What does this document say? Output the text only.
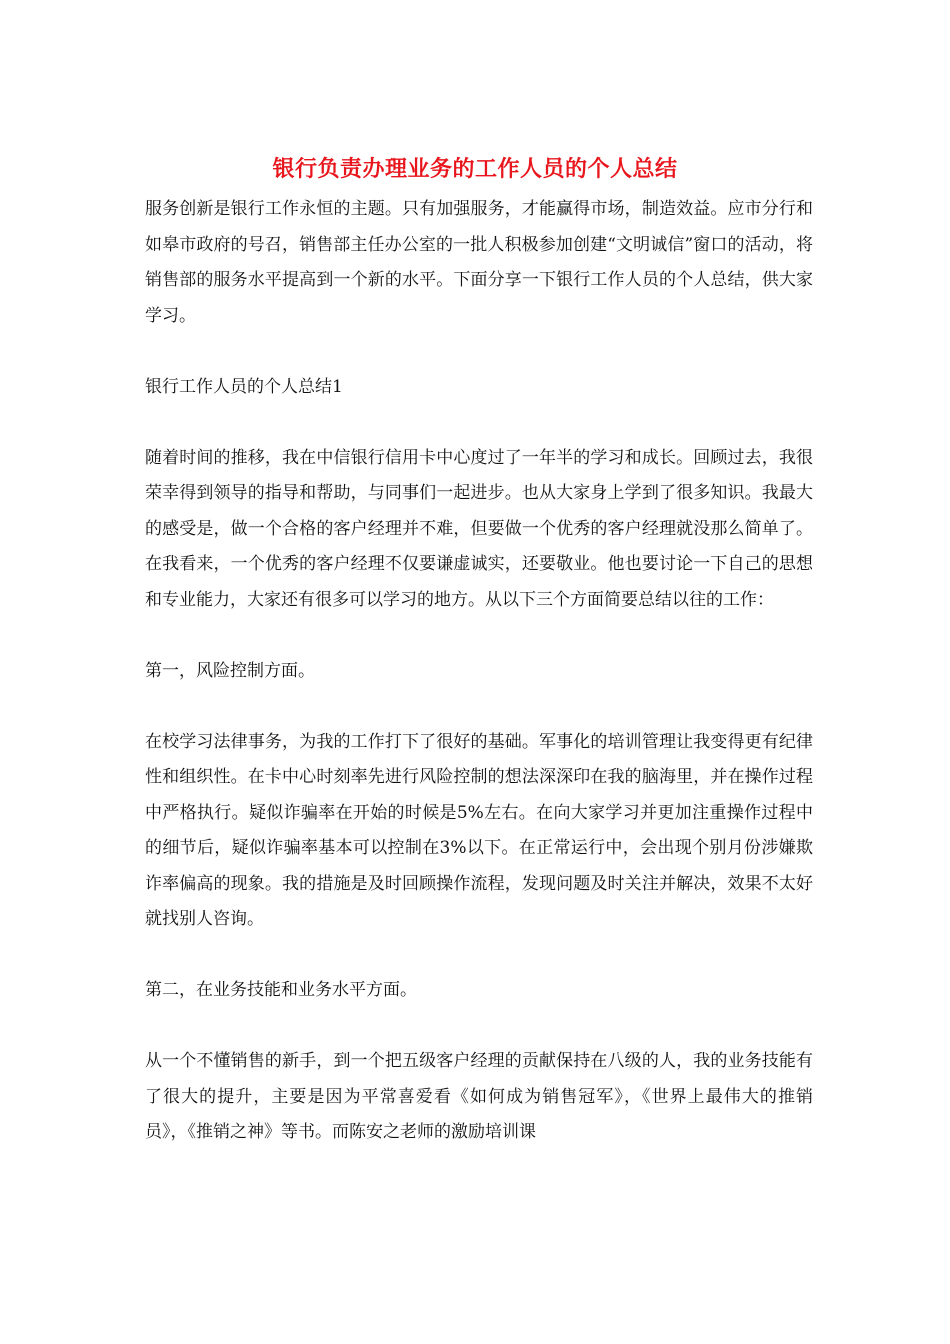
银行负责办理业务的工作人员的个人总结

服务创新是银行工作永恒的主题。只有加强服务，才能赢得市场，制造效益。应市分行和如皋市政府的号召，销售部主任办公室的一批人积极参加创建“文明诚信”窗口的活动，将销售部的服务水平提高到一个新的水平。下面分享一下银行工作人员的个人总结，供大家学习。

银行工作人员的个人总结1

随着时间的推移，我在中信银行信用卡中心度过了一年半的学习和成长。回顾过去，我很荣幸得到领导的指导和帮助，与同事们一起进步。也从大家身上学到了很多知识。我最大的感受是，做一个合格的客户经理并不难，但要做一个优秀的客户经理就没那么简单了。在我看来，一个优秀的客户经理不仅要谦虚诚实，还要敬业。他也要讨论一下自己的思想和专业能力，大家还有很多可以学习的地方。从以下三个方面简要总结以往的工作：

第一，风险控制方面。

在校学习法律事务，为我的工作打下了很好的基础。军事化的培训管理让我变得更有纪律性和组织性。在卡中心时刻率先进行风险控制的想法深深印在我的脑海里，并在操作过程中严格执行。疑似诈骗率在开始的时候是5%左右。在向大家学习并更加注重操作过程中的细节后，疑似诈骗率基本可以控制在3%以下。在正常运行中，会出现个别月份涉嫌欺诈率偏高的现象。我的措施是及时回顾操作流程，发现问题及时关注并解决，效果不太好就找别人咨询。

第二，在业务技能和业务水平方面。

从一个不懂销售的新手，到一个把五级客户经理的贡献保持在八级的人，我的业务技能有了很大的提升，主要是因为平常喜爱看《如何成为销售冠军》，《世界上最伟大的推销员》，《推销之神》等书。而陈安之老师的激励培训课
